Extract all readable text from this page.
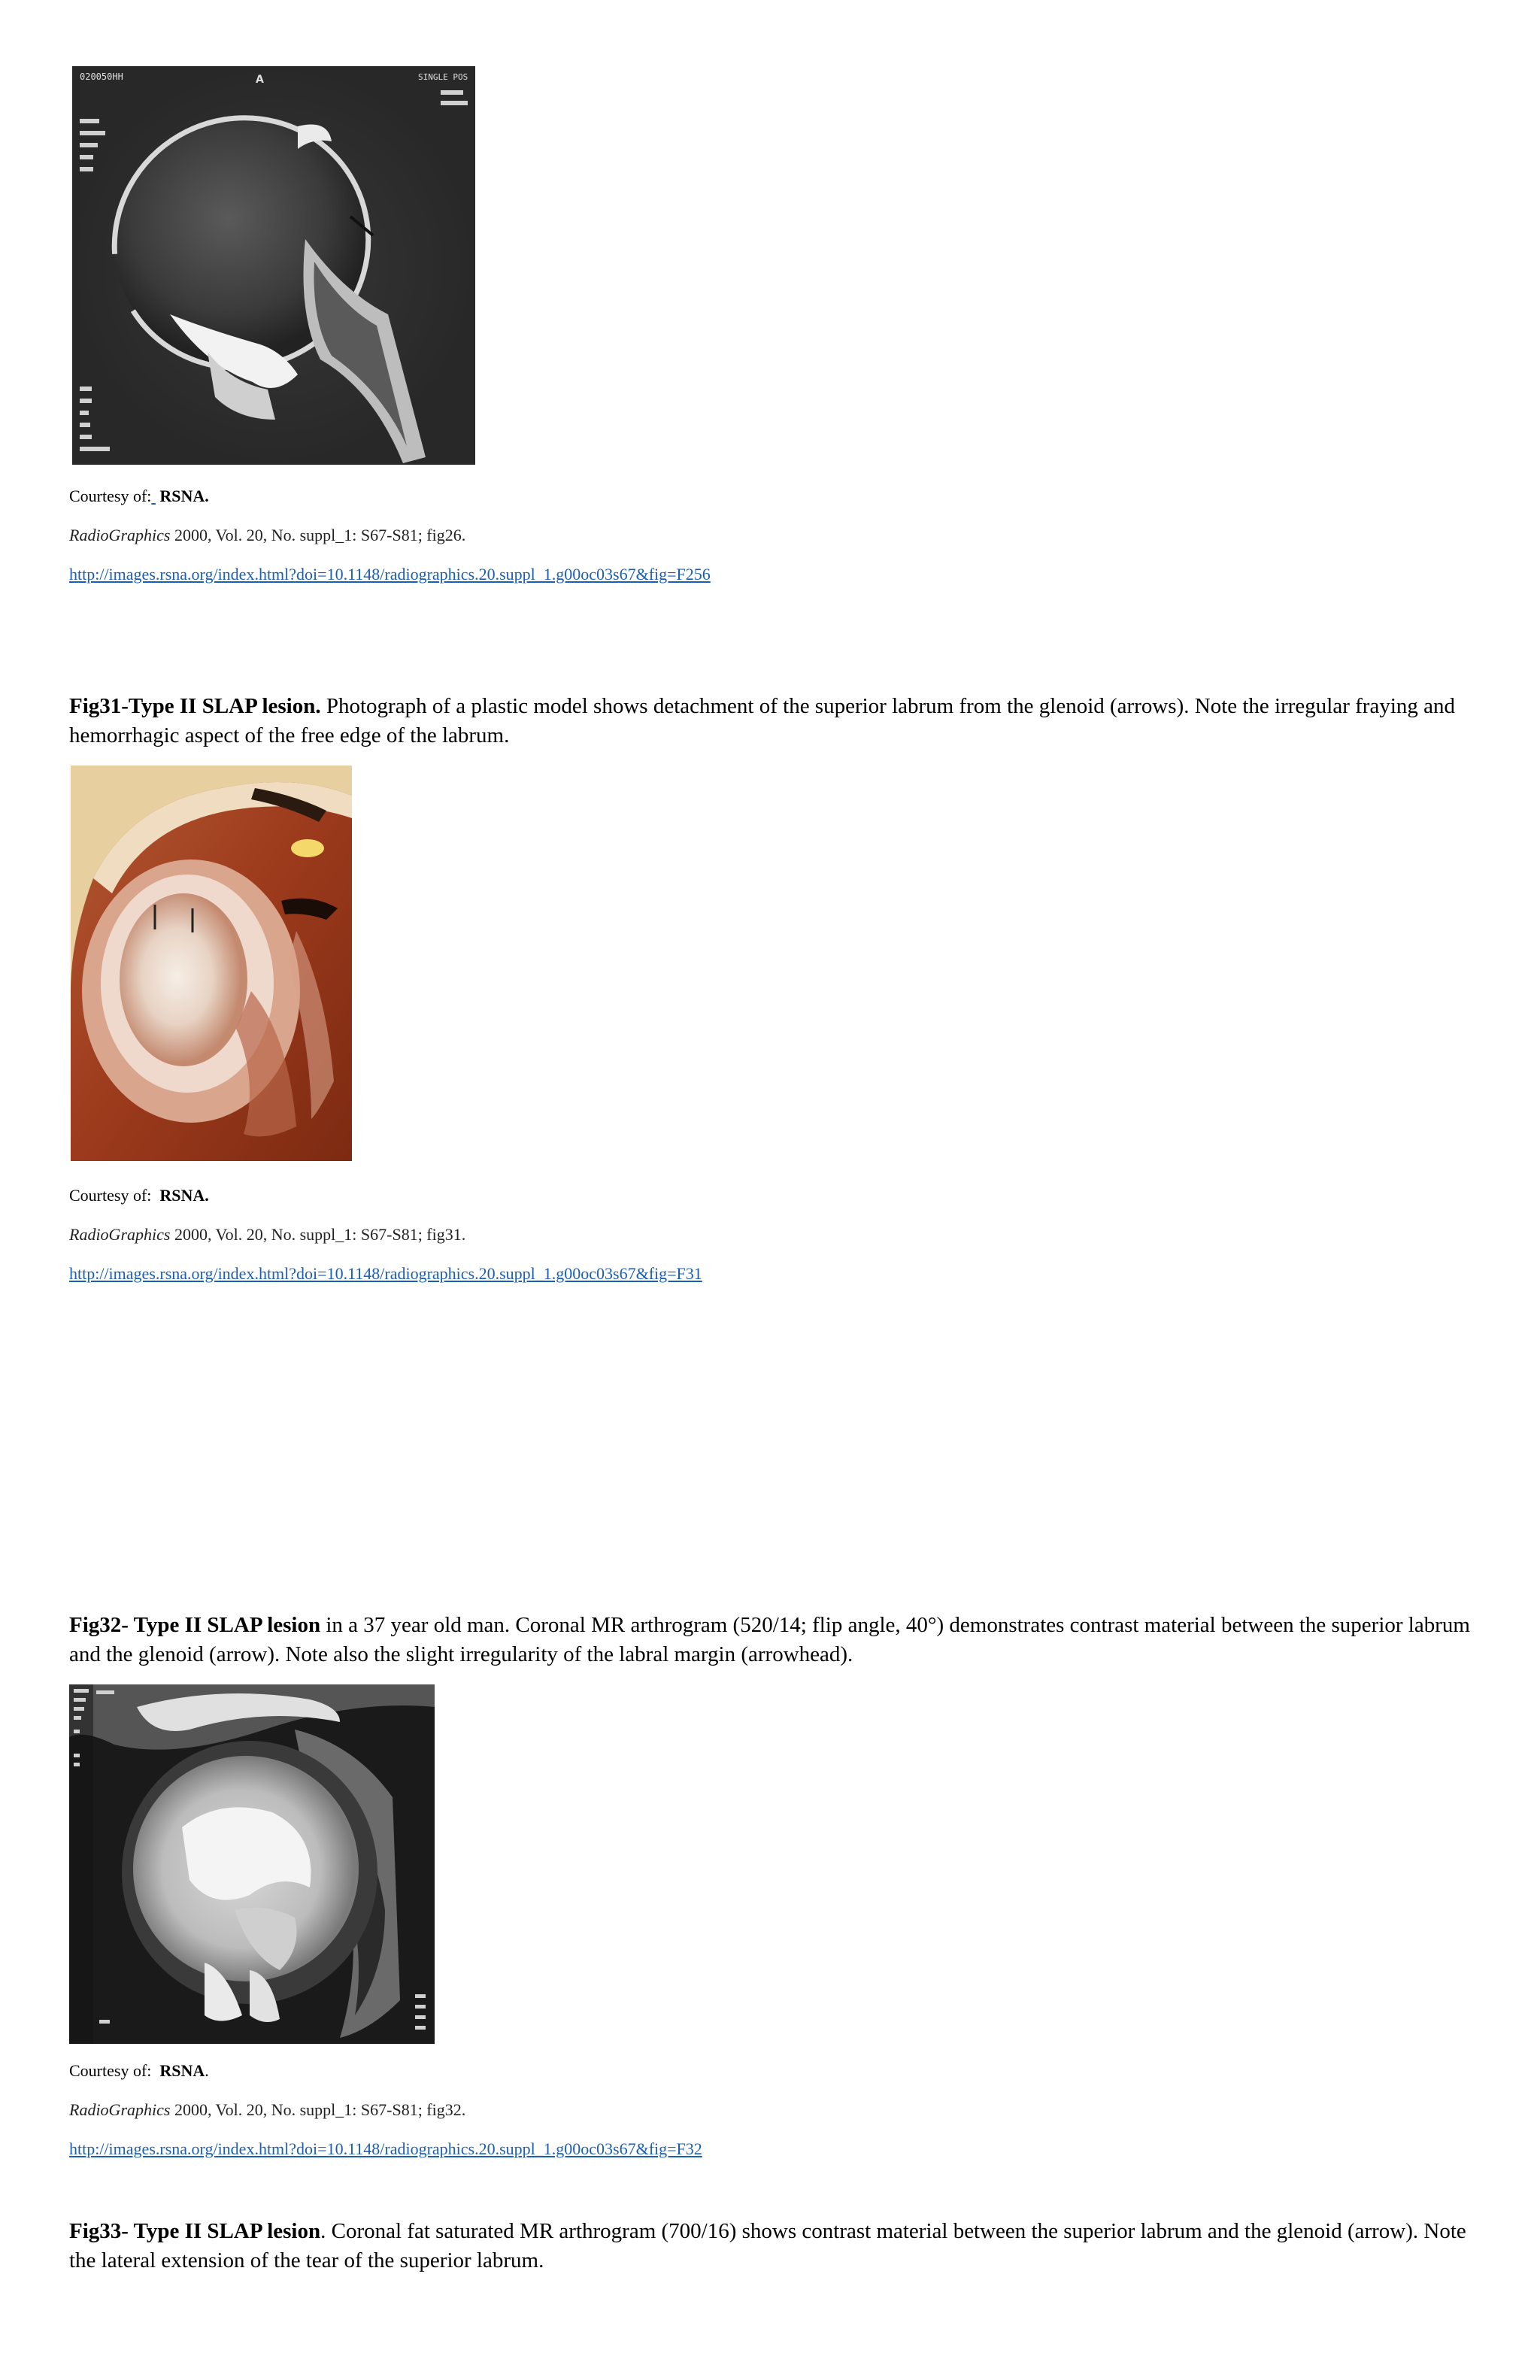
020050HH	SINGLE POS
A
Courtesy of: RSNA.
RadioGraphics 2000, Vol. 20, No. suppl_1: S67-S81; fig26.
http://images.rsna.org/index.html?doi=10.1148/radiographics.20.suppl_1.g00oc03s67&fig=F256
Fig31-Type II SLAP lesion. Photograph of a plastic model shows detachment of the superior labrum from the glenoid (arrows). Note the irregular fraying and hemorrhagic aspect of the free edge of the labrum.
Courtesy of: RSNA.
RadioGraphics 2000, Vol. 20, No. suppl_1: S67-S81; fig31.
http://images.rsna.org/index.html?doi=10.1148/radiographics.20.suppl_1.g00oc03s67&fig=F31
Fig32- Type II SLAP lesion in a 37 year old man. Coronal MR arthrogram (520/14; flip angle, 40°) demonstrates contrast material between the superior labrum and the glenoid (arrow). Note also the slight irregularity of the labral margin (arrowhead).
Courtesy of: RSNA.
RadioGraphics 2000, Vol. 20, No. suppl_1: S67-S81; fig32.
http://images.rsna.org/index.html?doi=10.1148/radiographics.20.suppl_1.g00oc03s67&fig=F32
Fig33- Type II SLAP lesion. Coronal fat saturated MR arthrogram (700/16) shows contrast material between the superior labrum and the glenoid (arrow). Note the lateral extension of the tear of the superior labrum.
